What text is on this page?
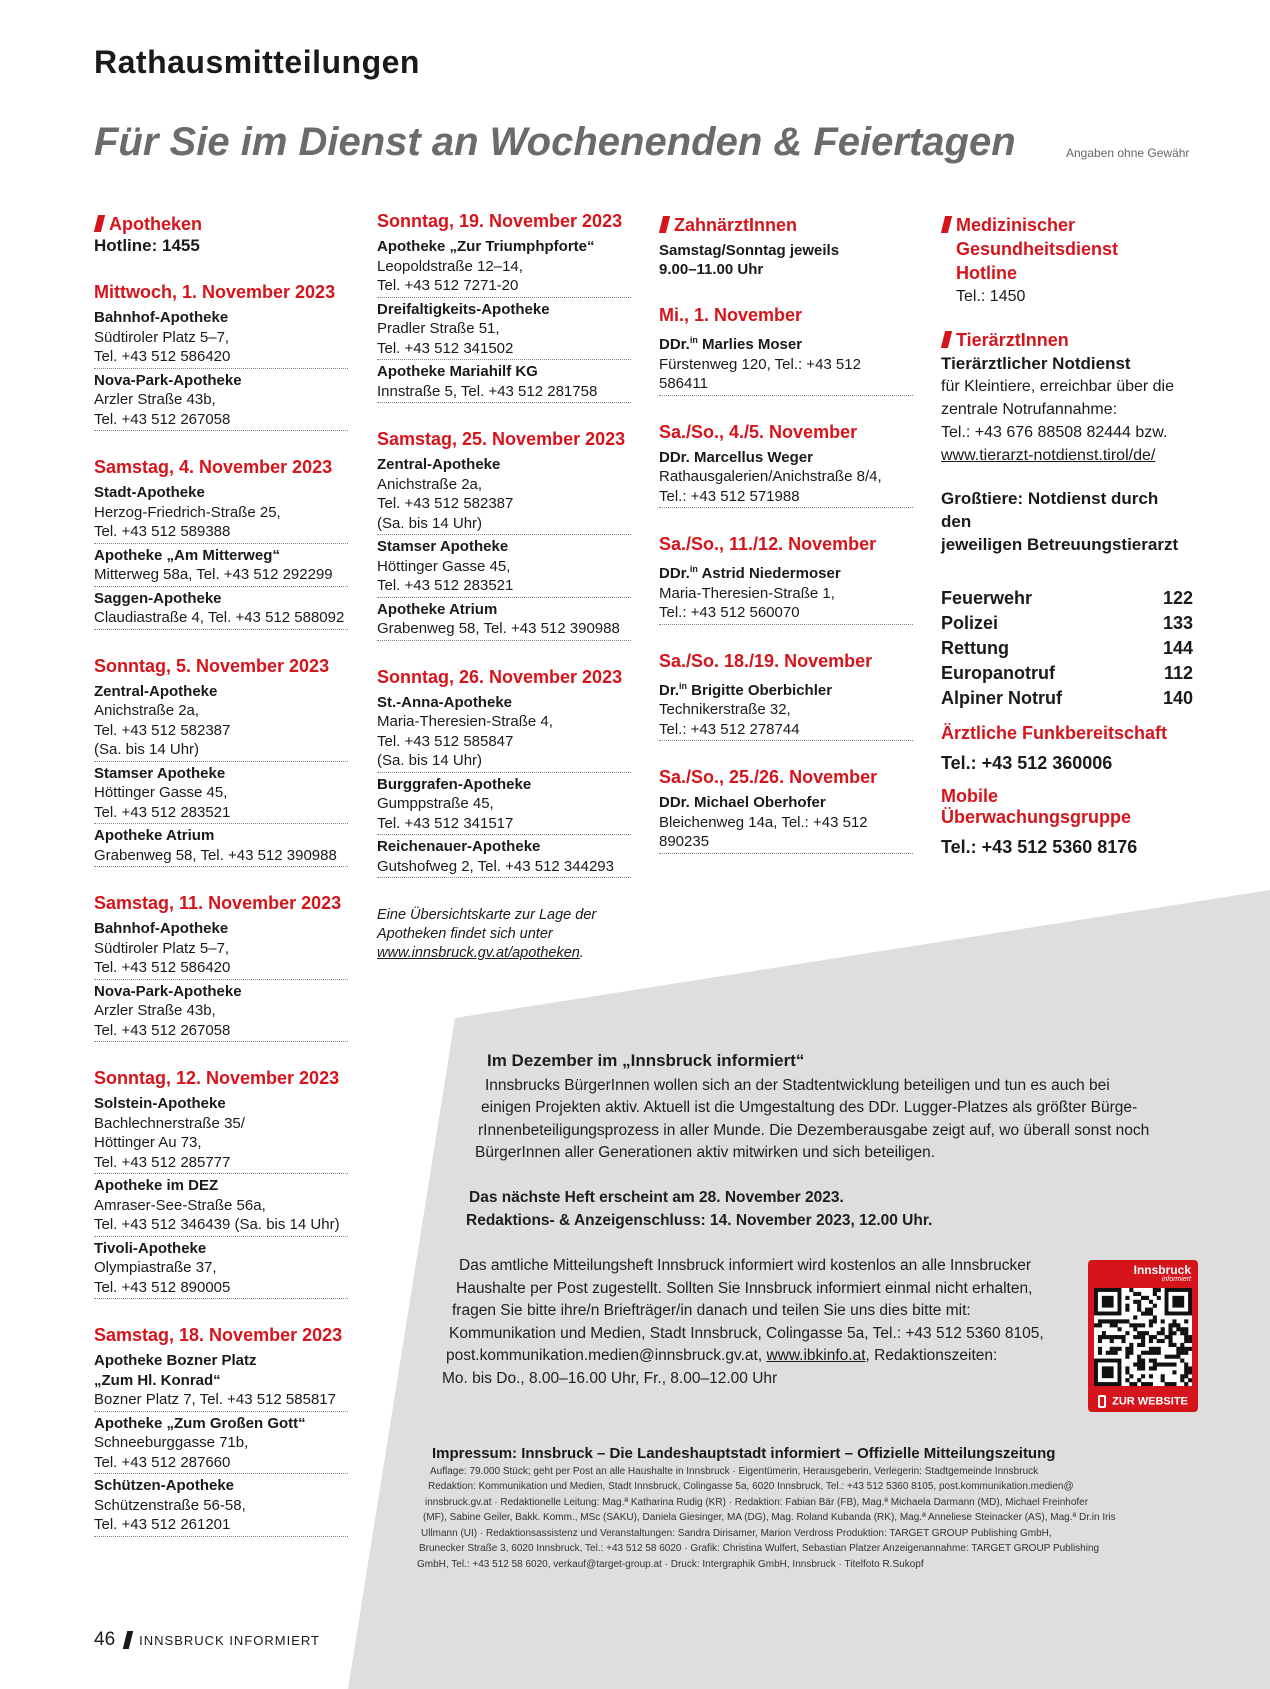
Rathausmitteilungen
Für Sie im Dienst an Wochenenden & Feiertagen	Angaben ohne Gewähr
Apotheken
Hotline: 1455
Mittwoch, 1. November 2023
Bahnhof-Apotheke
Südtiroler Platz 5–7,
Tel. +43 512 586420
Nova-Park-Apotheke
Arzler Straße 43b,
Tel. +43 512 267058
Samstag, 4. November 2023
Stadt-Apotheke
Herzog-Friedrich-Straße 25,
Tel. +43 512 589388
Apotheke „Am Mitterweg“
Mitterweg 58a, Tel. +43 512 292299
Saggen-Apotheke
Claudiastraße 4, Tel. +43 512 588092
Sonntag, 5. November 2023
Zentral-Apotheke
Anichstraße 2a,
Tel. +43 512 582387
(Sa. bis 14 Uhr)
Stamser Apotheke
Höttinger Gasse 45,
Tel. +43 512 283521
Apotheke Atrium
Grabenweg 58, Tel. +43 512 390988
Samstag, 11. November 2023
Bahnhof-Apotheke
Südtiroler Platz 5–7,
Tel. +43 512 586420
Nova-Park-Apotheke
Arzler Straße 43b,
Tel. +43 512 267058
Sonntag, 12. November 2023
Solstein-Apotheke
Bachlechnerstraße 35/
Höttinger Au 73,
Tel. +43 512 285777
Apotheke im DEZ
Amraser-See-Straße 56a,
Tel. +43 512 346439 (Sa. bis 14 Uhr)
Tivoli-Apotheke
Olympiastraße 37,
Tel. +43 512 890005
Samstag, 18. November 2023
Apotheke Bozner Platz
„Zum Hl. Konrad“
Bozner Platz 7, Tel. +43 512 585817
Apotheke „Zum Großen Gott“
Schneeburggasse 71b,
Tel. +43 512 287660
Schützen-Apotheke
Schützenstraße 56-58,
Tel. +43 512 261201
Sonntag, 19. November 2023
Apotheke „Zur Triumphpforte“
Leopoldstraße 12–14,
Tel. +43 512 7271-20
Dreifaltigkeits-Apotheke
Pradler Straße 51,
Tel. +43 512 341502
Apotheke Mariahilf KG
Innstraße 5, Tel. +43 512 281758
Samstag, 25. November 2023
Zentral-Apotheke
Anichstraße 2a,
Tel. +43 512 582387
(Sa. bis 14 Uhr)
Stamser Apotheke
Höttinger Gasse 45,
Tel. +43 512 283521
Apotheke Atrium
Grabenweg 58, Tel. +43 512 390988
Sonntag, 26. November 2023
St.-Anna-Apotheke
Maria-Theresien-Straße 4,
Tel. +43 512 585847
(Sa. bis 14 Uhr)
Burggrafen-Apotheke
Gumppstraße 45,
Tel. +43 512 341517
Reichenauer-Apotheke
Gutshofweg 2, Tel. +43 512 344293
Eine Übersichtskarte zur Lage der
Apotheken findet sich unter
www.innsbruck.gv.at/apotheken.
ZahnärztInnen
Samstag/Sonntag jeweils
9.00–11.00 Uhr
Mi., 1. November
DDr.$^{in}$ Marlies Moser
Fürstenweg 120, Tel.: +43 512 586411
Sa./So., 4./5. November
DDr. Marcellus Weger
Rathausgalerien/Anichstraße 8/4,
Tel.: +43 512 571988
Sa./So., 11./12. November
DDr.$^{in}$ Astrid Niedermoser
Maria-Theresien-Straße 1,
Tel.: +43 512 560070
Sa./So. 18./19. November
Dr.$^{in}$ Brigitte Oberbichler
Technikerstraße 32,
Tel.: +43 512 278744
Sa./So., 25./26. November
DDr. Michael Oberhofer
Bleichenweg 14a, Tel.: +43 512 890235
Medizinischer
Gesundheitsdienst
Hotline
Tel.: 1450
TierärztInnen
Tierärztlicher Notdienst
für Kleintiere, erreichbar über die
zentrale Notrufannahme:
Tel.: +43 676 88508 82444 bzw.
www.tierarzt-notdienst.tirol/de/
Großtiere: Notdienst durch den
jeweiligen Betreuungstierarzt
Feuerwehr	122
Polizei	133
Rettung	144
Europanotruf	112
Alpiner Notruf	140
Ärztliche Funkbereitschaft
Tel.: +43 512 360006
Mobile Überwachungsgruppe
Tel.: +43 512 5360 8176
Im Dezember im „Innsbruck informiert“
Innsbrucks BürgerInnen wollen sich an der Stadtentwicklung beteiligen und tun es auch bei
einigen Projekten aktiv. Aktuell ist die Umgestaltung des DDr. Lugger-Platzes als größter Bürge-
rInnenbeteiligungsprozess in aller Munde. Die Dezemberausgabe zeigt auf, wo überall sonst noch
BürgerInnen aller Generationen aktiv mitwirken und sich beteiligen.
Das nächste Heft erscheint am 28. November 2023.
Redaktions- & Anzeigenschluss: 14. November 2023, 12.00 Uhr.
Das amtliche Mitteilungsheft Innsbruck informiert wird kostenlos an alle Innsbrucker
Haushalte per Post zugestellt. Sollten Sie Innsbruck informiert einmal nicht erhalten,
fragen Sie bitte ihre/n Briefträger/in danach und teilen Sie uns dies bitte mit:
Kommunikation und Medien, Stadt Innsbruck, Colingasse 5a, Tel.: +43 512 5360 8105,
post.kommunikation.medien@innsbruck.gv.at, www.ibkinfo.at, Redaktionszeiten:
Mo. bis Do., 8.00–16.00 Uhr, Fr., 8.00–12.00 Uhr
Innsbruck
informiert
ZUR WEBSITE
Impressum: Innsbruck – Die Landeshauptstadt informiert – Offizielle Mitteilungszeitung
Auflage: 79.000 Stück; geht per Post an alle Haushalte in Innsbruck · Eigentümerin, Herausgeberin, Verlegerin: Stadtgemeinde Innsbruck
Redaktion: Kommunikation und Medien, Stadt Innsbruck, Colingasse 5a, 6020 Innsbruck, Tel.: +43 512 5360 8105, post.kommunikation.medien@
innsbruck.gv.at · Redaktionelle Leitung: Mag.ª Katharina Rudig (KR) · Redaktion: Fabian Bär (FB), Mag.ª Michaela Darmann (MD), Michael Freinhofer
(MF), Sabine Geiler, Bakk. Komm., MSc (SAKU), Daniela Giesinger, MA (DG), Mag. Roland Kubanda (RK), Mag.ª Anneliese Steinacker (AS), Mag.ª Dr.in Iris
Ullmann (UI) · Redaktionsassistenz und Veranstaltungen: Sandra Dirisamer, Marion Verdross Produktion: TARGET GROUP Publishing GmbH,
Brunecker Straße 3, 6020 Innsbruck, Tel.: +43 512 58 6020 · Grafik: Christina Wulfert, Sebastian Platzer Anzeigenannahme: TARGET GROUP Publishing
GmbH, Tel.: +43 512 58 6020, verkauf@target-group.at · Druck: Intergraphik GmbH, Innsbruck · Titelfoto R.Sukopf
46 INNSBRUCK INFORMIERT
